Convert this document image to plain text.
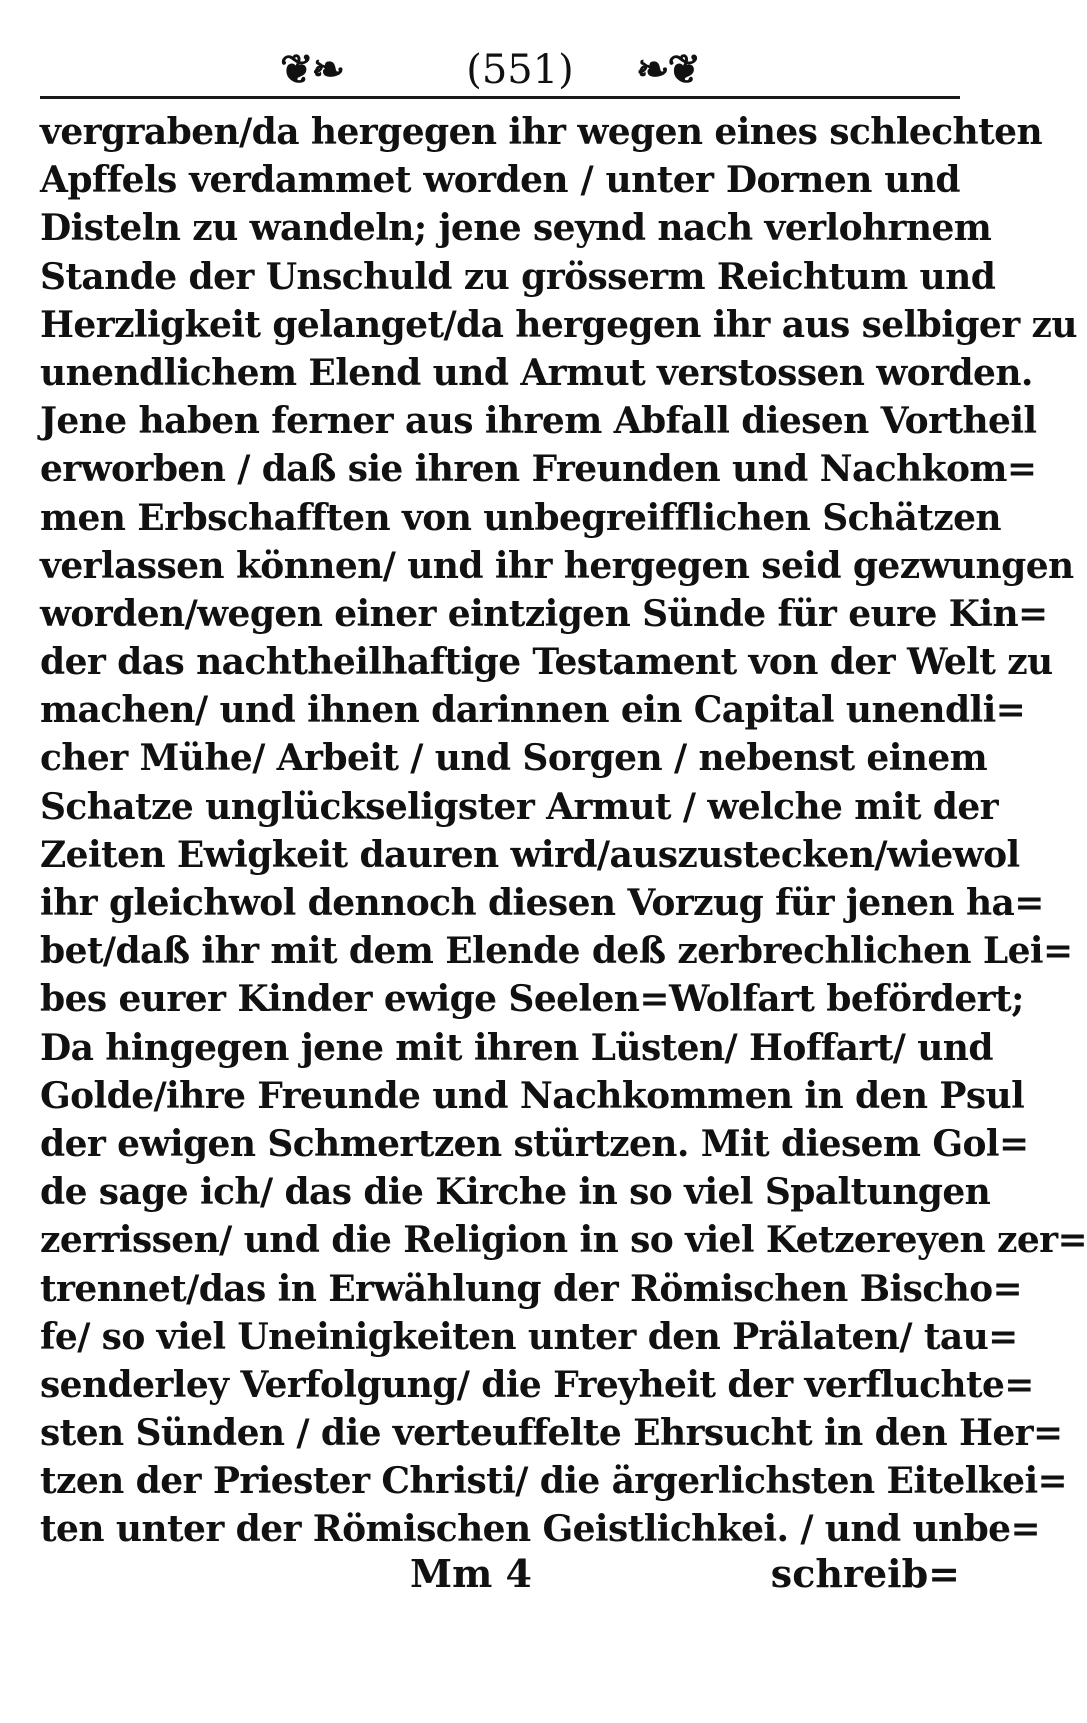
❦❧	(551)	❧❦
vergraben/da hergegen ihr wegen eines schlechten
Apffels verdammet worden / unter Dornen und
Disteln zu wandeln; jene seynd nach verlohrnem
Stande der Unschuld zu grösserm Reichtum und
Herzligkeit gelanget/da hergegen ihr aus selbiger zu
unendlichem Elend und Armut verstossen worden.
Jene haben ferner aus ihrem Abfall diesen Vortheil
erworben / daß sie ihren Freunden und Nachkom=
men Erbschafften von unbegreifflichen Schätzen
verlassen können/ und ihr hergegen seid gezwungen
worden/wegen einer eintzigen Sünde für eure Kin=
der das nachtheilhaftige Testament von der Welt zu
machen/ und ihnen darinnen ein Capital unendli=
cher Mühe/ Arbeit / und Sorgen / nebenst einem
Schatze unglückseligster Armut / welche mit der
Zeiten Ewigkeit dauren wird/auszustecken/wiewol
ihr gleichwol dennoch diesen Vorzug für jenen ha=
bet/daß ihr mit dem Elende deß zerbrechlichen Lei=
bes eurer Kinder ewige Seelen=Wolfart befördert;
Da hingegen jene mit ihren Lüsten/ Hoffart/ und
Golde/ihre Freunde und Nachkommen in den Psul
der ewigen Schmertzen stürtzen. Mit diesem Gol=
de sage ich/ das die Kirche in so viel Spaltungen
zerrissen/ und die Religion in so viel Ketzereyen zer=
trennet/das in Erwählung der Römischen Bischo=
fe/ so viel Uneinigkeiten unter den Prälaten/ tau=
senderley Verfolgung/ die Freyheit der verfluchte=
sten Sünden / die verteuffelte Ehrsucht in den Her=
tzen der Priester Christi/ die ärgerlichsten Eitelkei=
ten unter der Römischen Geistlichkei. / und unbe=
Mm 4	schreib=
